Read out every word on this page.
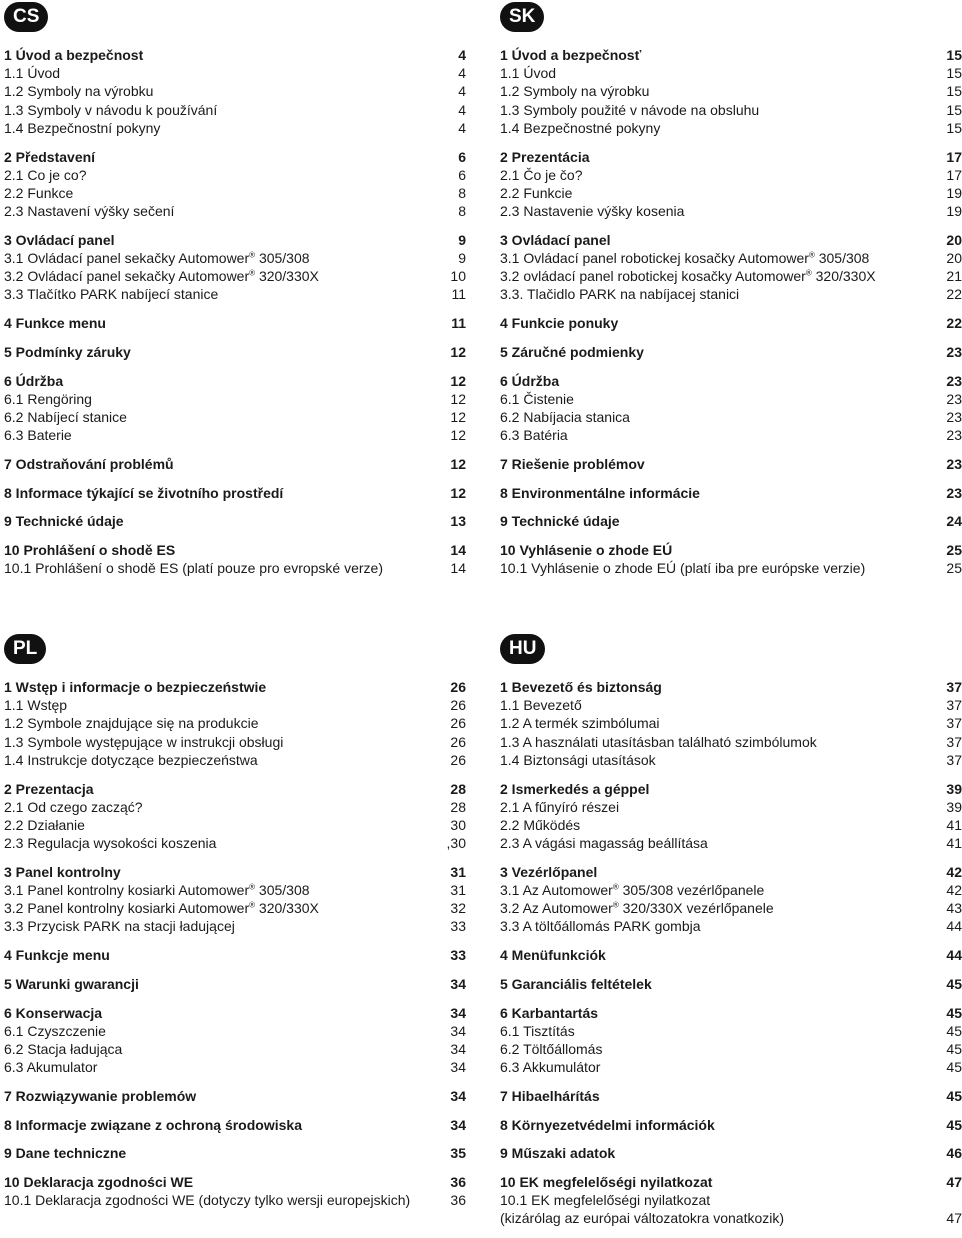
CS
1 Úvod a bezpečnost	4
1.1 Úvod	4
1.2 Symboly na výrobku	4
1.3 Symboly v návodu k používání	4
1.4 Bezpečnostní pokyny	4
2 Představení	6
2.1 Co je co?	6
2.2 Funkce	8
2.3 Nastavení výšky sečení	8
3 Ovládací panel	9
3.1 Ovládací panel sekačky Automower® 305/308	9
3.2 Ovládací panel sekačky Automower® 320/330X	10
3.3 Tlačítko PARK nabíjecí stanice	11
4 Funkce menu	11
5 Podmínky záruky	12
6 Údržba	12
6.1 Rengöring	12
6.2 Nabíjecí stanice	12
6.3 Baterie	12
7 Odstraňování problémů	12
8 Informace týkající se životního prostředí	12
9 Technické údaje	13
10 Prohlášení o shodě ES	14
10.1 Prohlášení o shodě ES (platí pouze pro evropské verze)	14
SK
1 Úvod a bezpečnosť	15
1.1 Úvod	15
1.2 Symboly na výrobku	15
1.3 Symboly použité v návode na obsluhu	15
1.4 Bezpečnostné pokyny	15
2 Prezentácia	17
2.1 Čo je čo?	17
2.2 Funkcie	19
2.3 Nastavenie výšky kosenia	19
3 Ovládací panel	20
3.1 Ovládací panel robotickej kosačky Automower® 305/308	20
3.2 ovládací panel robotickej kosačky Automower® 320/330X	21
3.3. Tlačidlo PARK na nabíjacej stanici	22
4 Funkcie ponuky	22
5 Záručné podmienky	23
6 Údržba	23
6.1 Čistenie	23
6.2 Nabíjacia stanica	23
6.3 Batéria	23
7 Riešenie problémov	23
8 Environmentálne informácie	23
9 Technické údaje	24
10 Vyhlásenie o zhode EÚ	25
10.1 Vyhlásenie o zhode EÚ (platí iba pre európske verzie)	25
PL
1 Wstęp i informacje o bezpieczeństwie	26
1.1 Wstęp	26
1.2 Symbole znajdujące się na produkcie	26
1.3 Symbole występujące w instrukcji obsługi	26
1.4 Instrukcje dotyczące bezpieczeństwa	26
2 Prezentacja	28
2.1 Od czego zacząć?	28
2.2 Działanie	30
2.3 Regulacja wysokości koszenia	,30
3 Panel kontrolny	31
3.1 Panel kontrolny kosiarki Automower® 305/308	31
3.2 Panel kontrolny kosiarki Automower® 320/330X	32
3.3 Przycisk PARK na stacji ładującej	33
4 Funkcje menu	33
5 Warunki gwarancji	34
6 Konserwacja	34
6.1 Czyszczenie	34
6.2 Stacja ładująca	34
6.3 Akumulator	34
7 Rozwiązywanie problemów	34
8 Informacje związane z ochroną środowiska	34
9 Dane techniczne	35
10 Deklaracja zgodności WE	36
10.1 Deklaracja zgodności WE (dotyczy tylko wersji europejskich)	36
HU
1 Bevezető és biztonság	37
1.1 Bevezető	37
1.2 A termék szimbólumai	37
1.3 A használati utasításban található szimbólumok	37
1.4 Biztonsági utasítások	37
2 Ismerkedés a géppel	39
2.1 A fűnyíró részei	39
2.2 Működés	41
2.3 A vágási magasság beállítása	41
3 Vezérlőpanel	42
3.1 Az Automower® 305/308 vezérlőpanele	42
3.2 Az Automower® 320/330X vezérlőpanele	43
3.3 A töltőállomás PARK gombja	44
4 Menüfunkciók	44
5 Garanciális feltételek	45
6 Karbantartás	45
6.1 Tisztítás	45
6.2 Töltőállomás	45
6.3 Akkumulátor	45
7 Hibaelhárítás	45
8 Környezetvédelmi információk	45
9 Műszaki adatok	46
10 EK megfelelőségi nyilatkozat	47
10.1 EK megfelelőségi nyilatkozat
(kizárólag az európai változatokra vonatkozik)	47
